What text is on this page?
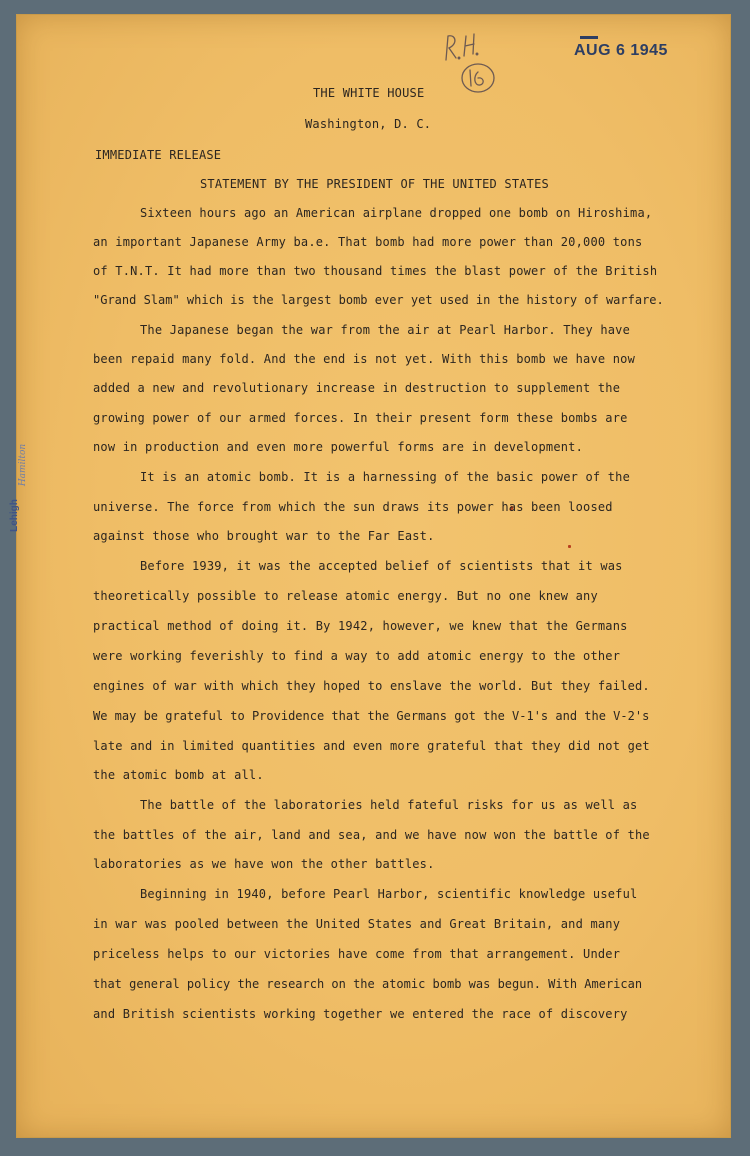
AUG 6 1945
Lehigh
Hamilton
THE WHITE HOUSE
Washington, D. C.
IMMEDIATE RELEASE
STATEMENT BY THE PRESIDENT OF THE UNITED STATES
Sixteen hours ago an American airplane dropped one bomb on Hiroshima,
an important Japanese Army ba.e. That bomb had more power than 20,000 tons
of T.N.T. It had more than two thousand times the blast power of the British
"Grand Slam" which is the largest bomb ever yet used in the history of warfare.
The Japanese began the war from the air at Pearl Harbor. They have
been repaid many fold. And the end is not yet. With this bomb we have now
added a new and revolutionary increase in destruction to supplement the
growing power of our armed forces. In their present form these bombs are
now in production and even more powerful forms are in development.
It is an atomic bomb. It is a harnessing of the basic power of the
universe. The force from which the sun draws its power has been loosed
against those who brought war to the Far East.
Before 1939, it was the accepted belief of scientists that it was
theoretically possible to release atomic energy. But no one knew any
practical method of doing it. By 1942, however, we knew that the Germans
were working feverishly to find a way to add atomic energy to the other
engines of war with which they hoped to enslave the world. But they failed.
We may be grateful to Providence that the Germans got the V-1's and the V-2's
late and in limited quantities and even more grateful that they did not get
the atomic bomb at all.
The battle of the laboratories held fateful risks for us as well as
the battles of the air, land and sea, and we have now won the battle of the
laboratories as we have won the other battles.
Beginning in 1940, before Pearl Harbor, scientific knowledge useful
in war was pooled between the United States and Great Britain, and many
priceless helps to our victories have come from that arrangement. Under
that general policy the research on the atomic bomb was begun. With American
and British scientists working together we entered the race of discovery
